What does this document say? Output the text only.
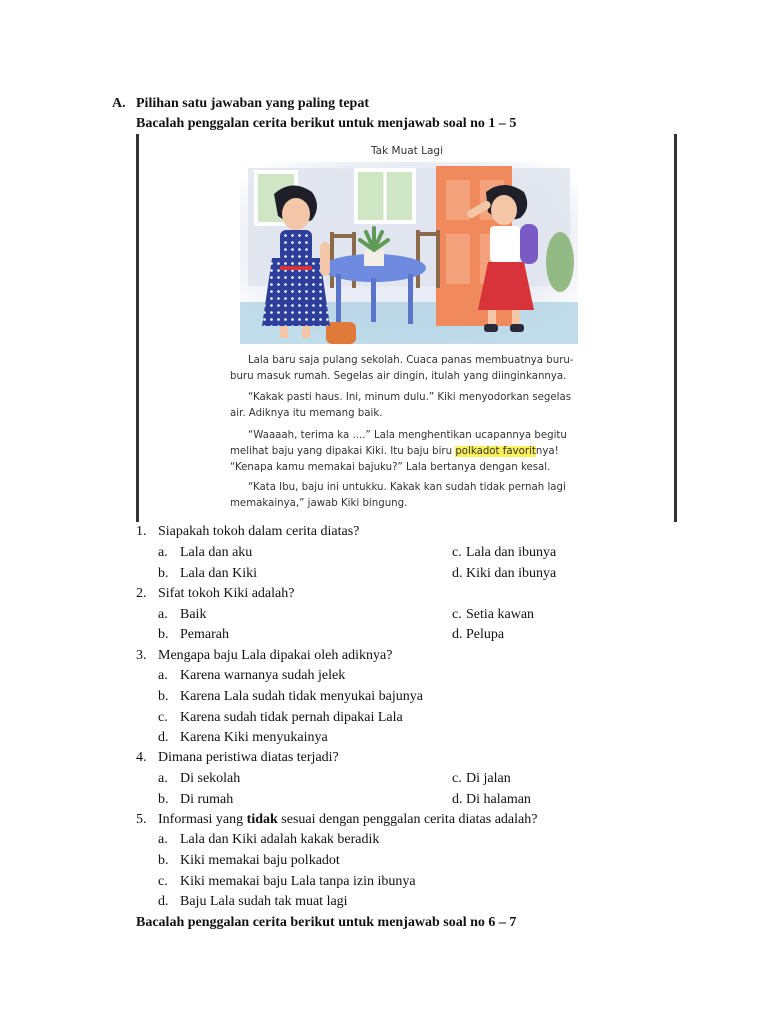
A. Pilihan satu jawaban yang paling tepat
Bacalah penggalan cerita berikut untuk menjawab soal no 1 – 5
Tak Muat Lagi
Lala baru saja pulang sekolah. Cuaca panas membuatnya buru-
buru masuk rumah. Segelas air dingin, itulah yang diinginkannya.
“Kakak pasti haus. Ini, minum dulu.” Kiki menyodorkan segelas
air. Adiknya itu memang baik.
“Waaaah, terima ka ....” Lala menghentikan ucapannya begitu
melihat baju yang dipakai Kiki. Itu baju biru polkadot favoritnya!
“Kenapa kamu memakai bajuku?” Lala bertanya dengan kesal.
“Kata Ibu, baju ini untukku. Kakak kan sudah tidak pernah lagi
memakainya,” jawab Kiki bingung.
1. Siapakah tokoh dalam cerita diatas?
a. Lala dan aku	c. Lala dan ibunya
b. Lala dan Kiki	d. Kiki dan ibunya
2. Sifat tokoh Kiki adalah?
a. Baik	c. Setia kawan
b. Pemarah	d. Pelupa
3. Mengapa baju Lala dipakai oleh adiknya?
a. Karena warnanya sudah jelek
b. Karena Lala sudah tidak menyukai bajunya
c. Karena sudah tidak pernah dipakai Lala
d. Karena Kiki menyukainya
4. Dimana peristiwa diatas terjadi?
a. Di sekolah	c. Di jalan
b. Di rumah	d. Di halaman
5. Informasi yang tidak sesuai dengan penggalan cerita diatas adalah?
a. Lala dan Kiki adalah kakak beradik
b. Kiki memakai baju polkadot
c. Kiki memakai baju Lala tanpa izin ibunya
d. Baju Lala sudah tak muat lagi
Bacalah penggalan cerita berikut untuk menjawab soal no 6 – 7
